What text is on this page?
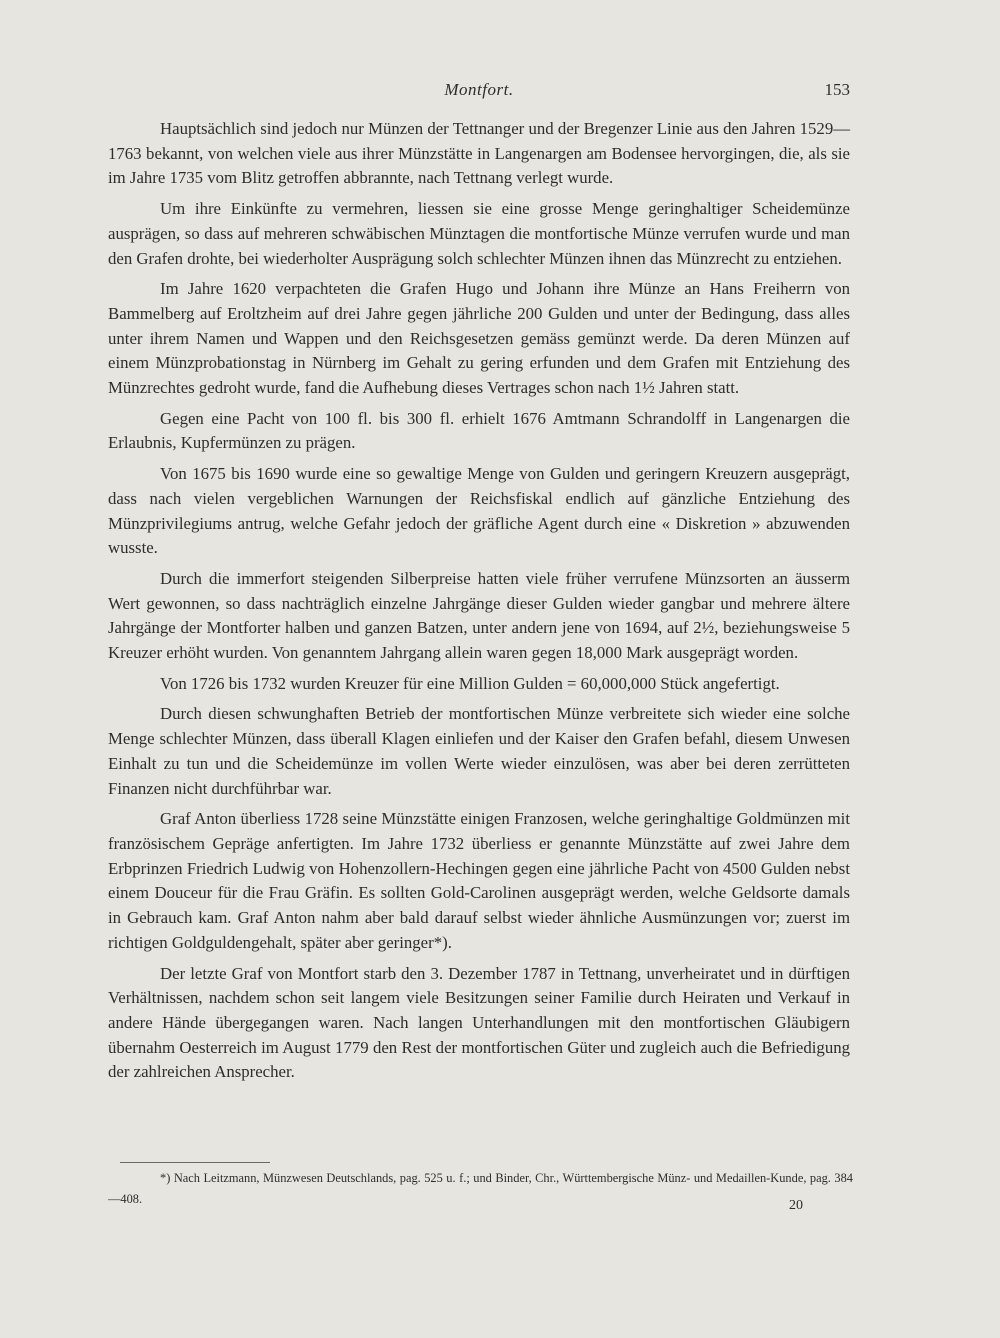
Montfort.	153

Hauptsächlich sind jedoch nur Münzen der Tettnanger und der Bregenzer Linie aus den Jahren 1529—1763 bekannt, von welchen viele aus ihrer Münzstätte in Langenargen am Bodensee hervorgingen, die, als sie im Jahre 1735 vom Blitz getroffen abbrannte, nach Tettnang verlegt wurde.

Um ihre Einkünfte zu vermehren, liessen sie eine grosse Menge geringhaltiger Scheidemünze ausprägen, so dass auf mehreren schwäbischen Münztagen die montfortische Münze verrufen wurde und man den Grafen drohte, bei wiederholter Ausprägung solch schlechter Münzen ihnen das Münzrecht zu entziehen.

Im Jahre 1620 verpachteten die Grafen Hugo und Johann ihre Münze an Hans Freiherrn von Bammelberg auf Eroltzheim auf drei Jahre gegen jährliche 200 Gulden und unter der Bedingung, dass alles unter ihrem Namen und Wappen und den Reichsgesetzen gemäss gemünzt werde. Da deren Münzen auf einem Münzprobationstag in Nürnberg im Gehalt zu gering erfunden und dem Grafen mit Entziehung des Münzrechtes gedroht wurde, fand die Aufhebung dieses Vertrages schon nach 1½ Jahren statt.

Gegen eine Pacht von 100 fl. bis 300 fl. erhielt 1676 Amtmann Schrandolff in Langenargen die Erlaubnis, Kupfermünzen zu prägen.

Von 1675 bis 1690 wurde eine so gewaltige Menge von Gulden und geringern Kreuzern ausgeprägt, dass nach vielen vergeblichen Warnungen der Reichsfiskal endlich auf gänzliche Entziehung des Münzprivilegiums antrug, welche Gefahr jedoch der gräfliche Agent durch eine « Diskretion » abzuwenden wusste.

Durch die immerfort steigenden Silberpreise hatten viele früher verrufene Münzsorten an äusserm Wert gewonnen, so dass nachträglich einzelne Jahrgänge dieser Gulden wieder gangbar und mehrere ältere Jahrgänge der Montforter halben und ganzen Batzen, unter andern jene von 1694, auf 2½, beziehungsweise 5 Kreuzer erhöht wurden. Von genanntem Jahrgang allein waren gegen 18,000 Mark ausgeprägt worden.

Von 1726 bis 1732 wurden Kreuzer für eine Million Gulden = 60,000,000 Stück angefertigt.

Durch diesen schwunghaften Betrieb der montfortischen Münze verbreitete sich wieder eine solche Menge schlechter Münzen, dass überall Klagen einliefen und der Kaiser den Grafen befahl, diesem Unwesen Einhalt zu tun und die Scheidemünze im vollen Werte wieder einzulösen, was aber bei deren zerrütteten Finanzen nicht durchführbar war.

Graf Anton überliess 1728 seine Münzstätte einigen Franzosen, welche geringhaltige Goldmünzen mit französischem Gepräge anfertigten. Im Jahre 1732 überliess er genannte Münzstätte auf zwei Jahre dem Erbprinzen Friedrich Ludwig von Hohenzollern-Hechingen gegen eine jährliche Pacht von 4500 Gulden nebst einem Douceur für die Frau Gräfin. Es sollten Gold-Carolinen ausgeprägt werden, welche Geldsorte damals in Gebrauch kam. Graf Anton nahm aber bald darauf selbst wieder ähnliche Ausmünzungen vor; zuerst im richtigen Goldguldengehalt, später aber geringer*).

Der letzte Graf von Montfort starb den 3. Dezember 1787 in Tettnang, unverheiratet und in dürftigen Verhältnissen, nachdem schon seit langem viele Besitzungen seiner Familie durch Heiraten und Verkauf in andere Hände übergegangen waren. Nach langen Unterhandlungen mit den montfortischen Gläubigern übernahm Oesterreich im August 1779 den Rest der montfortischen Güter und zugleich auch die Befriedigung der zahlreichen Ansprecher.

*) Nach Leitzmann, Münzwesen Deutschlands, pag. 525 u. f.; und Binder, Chr., Württembergische Münz- und Medaillen-Kunde, pag. 384—408.	20
